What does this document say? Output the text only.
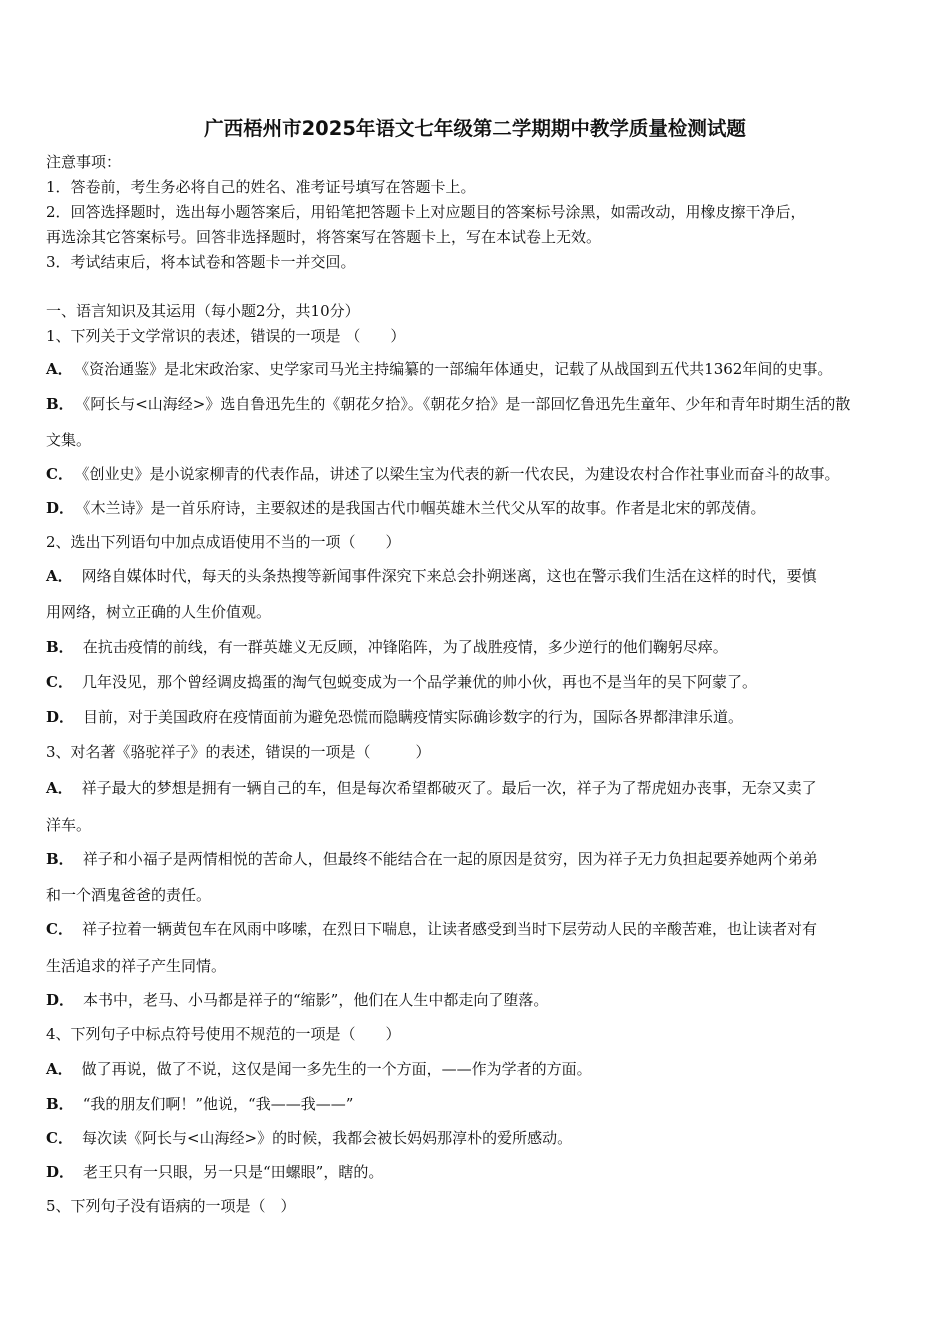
广西梧州市2025年语文七年级第二学期期中教学质量检测试题
注意事项：
1．答卷前，考生务必将自己的姓名、准考证号填写在答题卡上。
2．回答选择题时，选出每小题答案后，用铅笔把答题卡上对应题目的答案标号涂黑，如需改动，用橡皮擦干净后，
再选涂其它答案标号。回答非选择题时，将答案写在答题卡上，写在本试卷上无效。
3．考试结束后，将本试卷和答题卡一并交回。
一、语言知识及其运用（每小题2分，共10分）
1、下列关于文学常识的表述，错误的一项是 （　　）
A． 《资治通鉴》是北宋政治家、史学家司马光主持编纂的一部编年体通史，记载了从战国到五代共1362年间的史事。
B． 《阿长与<山海经>》选自鲁迅先生的《朝花夕拾》。《朝花夕拾》是一部回忆鲁迅先生童年、少年和青年时期生活的散
文集。
C． 《创业史》是小说家柳青的代表作品，讲述了以梁生宝为代表的新一代农民，为建设农村合作社事业而奋斗的故事。
D． 《木兰诗》是一首乐府诗，主要叙述的是我国古代巾帼英雄木兰代父从军的故事。作者是北宋的郭茂倩。
2、选出下列语句中加点成语使用不当的一项（　　）
A． 网络自媒体时代，每天的头条热搜等新闻事件深究下来总会扑朔迷离，这也在警示我们生活在这样的时代，要慎
用网络，树立正确的人生价值观。
B． 在抗击疫情的前线，有一群英雄义无反顾，冲锋陷阵，为了战胜疫情，多少逆行的他们鞠躬尽瘁。
C． 几年没见，那个曾经调皮捣蛋的淘气包蜕变成为一个品学兼优的帅小伙，再也不是当年的吴下阿蒙了。
D． 目前，对于美国政府在疫情面前为避免恐慌而隐瞒疫情实际确诊数字的行为，国际各界都津津乐道。
3、对名著《骆驼祥子》的表述，错误的一项是（　　　）
A． 祥子最大的梦想是拥有一辆自己的车，但是每次希望都破灭了。最后一次，祥子为了帮虎妞办丧事，无奈又卖了
洋车。
B． 祥子和小福子是两情相悦的苦命人，但最终不能结合在一起的原因是贫穷，因为祥子无力负担起要养她两个弟弟
和一个酒鬼爸爸的责任。
C． 祥子拉着一辆黄包车在风雨中哆嗦，在烈日下喘息，让读者感受到当时下层劳动人民的辛酸苦难，也让读者对有
生活追求的祥子产生同情。
D． 本书中，老马、小马都是祥子的“缩影”，他们在人生中都走向了堕落。
4、下列句子中标点符号使用不规范的一项是（　　）
A． 做了再说，做了不说，这仅是闻一多先生的一个方面，——作为学者的方面。
B． “我的朋友们啊！”他说，“我——我——”
C． 每次读《阿长与<山海经>》的时候，我都会被长妈妈那淳朴的爱所感动。
D． 老王只有一只眼，另一只是“田螺眼”，瞎的。
5、下列句子没有语病的一项是（　）
